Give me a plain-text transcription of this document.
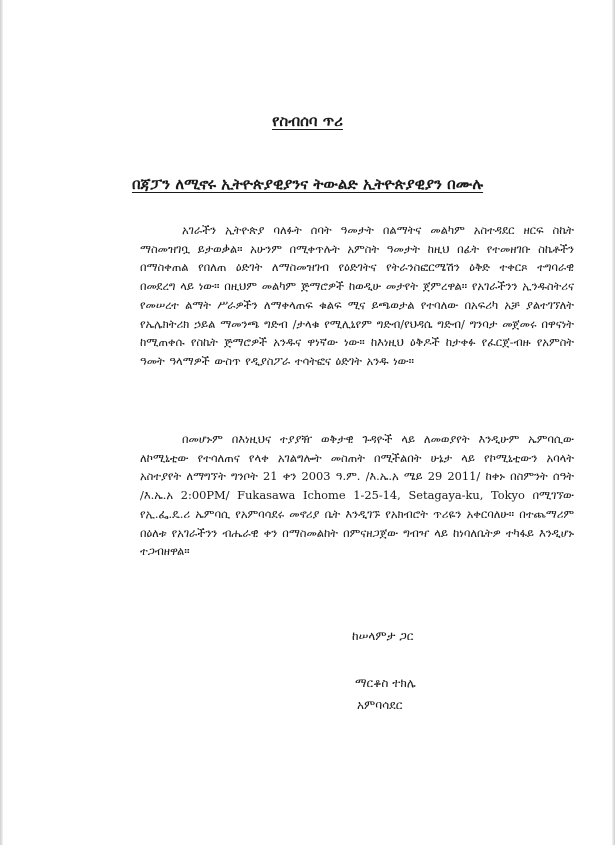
የስብሰባ ጥሪ
በጃፓን ለሚኖሩ ኢትዮጵያዊያንና ትውልድ ኢትዮጵያዊያን በሙሉ

አገራችን ኢትዮጵያ ባለፉት ሰባት ዓመታት በልማትና መልካም አስተዳደር ዘርፍ ስኬት ማስመዝገቧ ይታወቃል። አሁንም በሚቀጥሉት አምስት ዓመታት ከዚህ በፊት የተመዘገቡ ስኬቶችን በማስቀጠል የበለጠ ዕድገት ለማስመዝገብ የዕድገትና የትራንስፎርሜሽን ዕቅድ ተቀርጾ ተግባራዊ በመደረግ ላይ ነው። በዚህም መልካም ጅማሮዎች ከወዲሁ መታየት ጀምረዋል። የአገራችንን ኢንዱስትሪና የመሠረተ ልማት ሥራዎችን ለማቀላጠፍ ቁልፍ ሚና ይጫወታል የተባለው በአፍሪካ አቻ ያልተገኘለት የኤሌክትሪክ ኃይል ማመንጫ ግድብ /ታላቁ የሚሊኒየም ግድብ/የህዳሴ ግድብ/ ግንባታ መጀመሩ በዋናነት ከሚጠቀሱ የስኬት ጅማሮዎች አንዱና ዋነኛው ነው። ከእነዚህ ዕቅዶች ከታቀፉ የፈርጀ-ብዙ የአምስት ዓመት ዓላማዎች ውስጥ የዲያስፖራ ተሳትፎና ዕድገት አንዱ ነው።

በመሆኑም በእነዚህና ተያያዥ ወቅታዊ ጉዳዮች ላይ ለመወያየት እንዲሁም ኤምባሲው ለኮሚኒቲው የተሳለጠና የላቀ አገልግሎት መስጠት በሚችልበት ሁኔታ ላይ የኮሚኒቲውን አባላት አስተያየት ለማግኘት ግንቦት 21 ቀን 2003 ዓ.ም. /እ.ኤ.አ ሜይ 29 2011/ ከቀኑ በስምንት ሰዓት /እ.ኤ.አ 2:00PM/ Fukasawa Ichome 1-25-14, Setagaya-ku, Tokyo በሚገኘው የኢ.ፌ.ዴ.ሪ ኤምባሲ የአምባሳደሩ መኖሪያ ቤት እንዲገኙ የአክብሮት ጥሪዬን አቀርባለሁ። በተጨማሪም በዕለቱ የአገራችንን ብሔራዊ ቀን በማስመልከት በምናዘጋጀው ግብዣ ላይ ከነባለቤትዎ ተካፋይ እንዲሆኑ ተጋብዘዋል።

ከሠላምታ ጋር
ማርቆስ ተክሌ
አምባሳደር
